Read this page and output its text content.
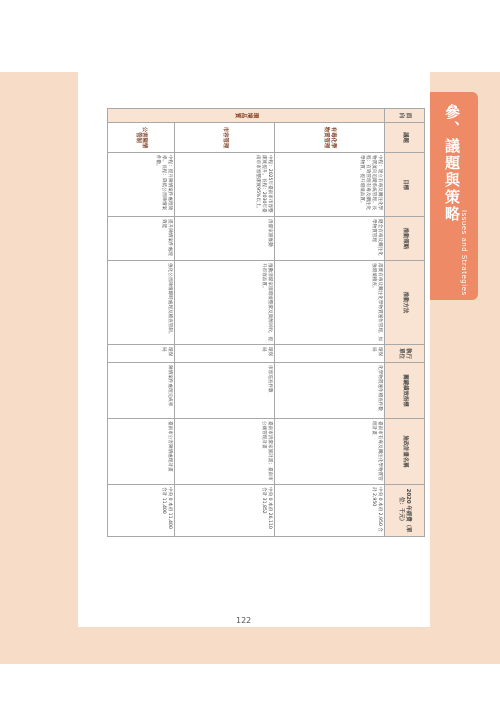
參、議題與策略
Issues and Strategies
面向	議題	目標	推動策略	推動方法	執行單位	關鍵績效指標	施政計畫名稱	2020 年經費（單位：千元）
環境品質	有毒化學物質管理	中程：建立有毒及關注化學物質流向追蹤系統管理。長程：有效管理有毒及關注化學物質，提升環境品質。	健全有毒及關注化學物質管理	落實有毒及關注化學物質運作管理，加強環境稽查。	環保局	化學物質運作稽查件數	臺南市有毒及關注化學物質管理計畫	中央 0 本府 2,950 合計 2,950
	市容管理	中程：2025年臺南市市容整潔度提升。長程：2030年臺南市市容整潔度95%以上。	清潔家園推動	推動清潔家園環境整潔及資源回收，提升市容品質。	環保局	市容巡查件數	臺南市清潔家園計畫；臺南市公廁管理計畫	中央 0 本府 26,110 合計 31,852
	公害陳情管制	中程：提升陳情案件處理效率。長程：降低公害陳情案件數。	提升陳情案件處理效能	強化公害陳情即時處理及稽查管制。	環保局	陳情案件處理完成率	臺南市公害陳情處理計畫	中央 0 本府 11,400 合計 11,400
122
